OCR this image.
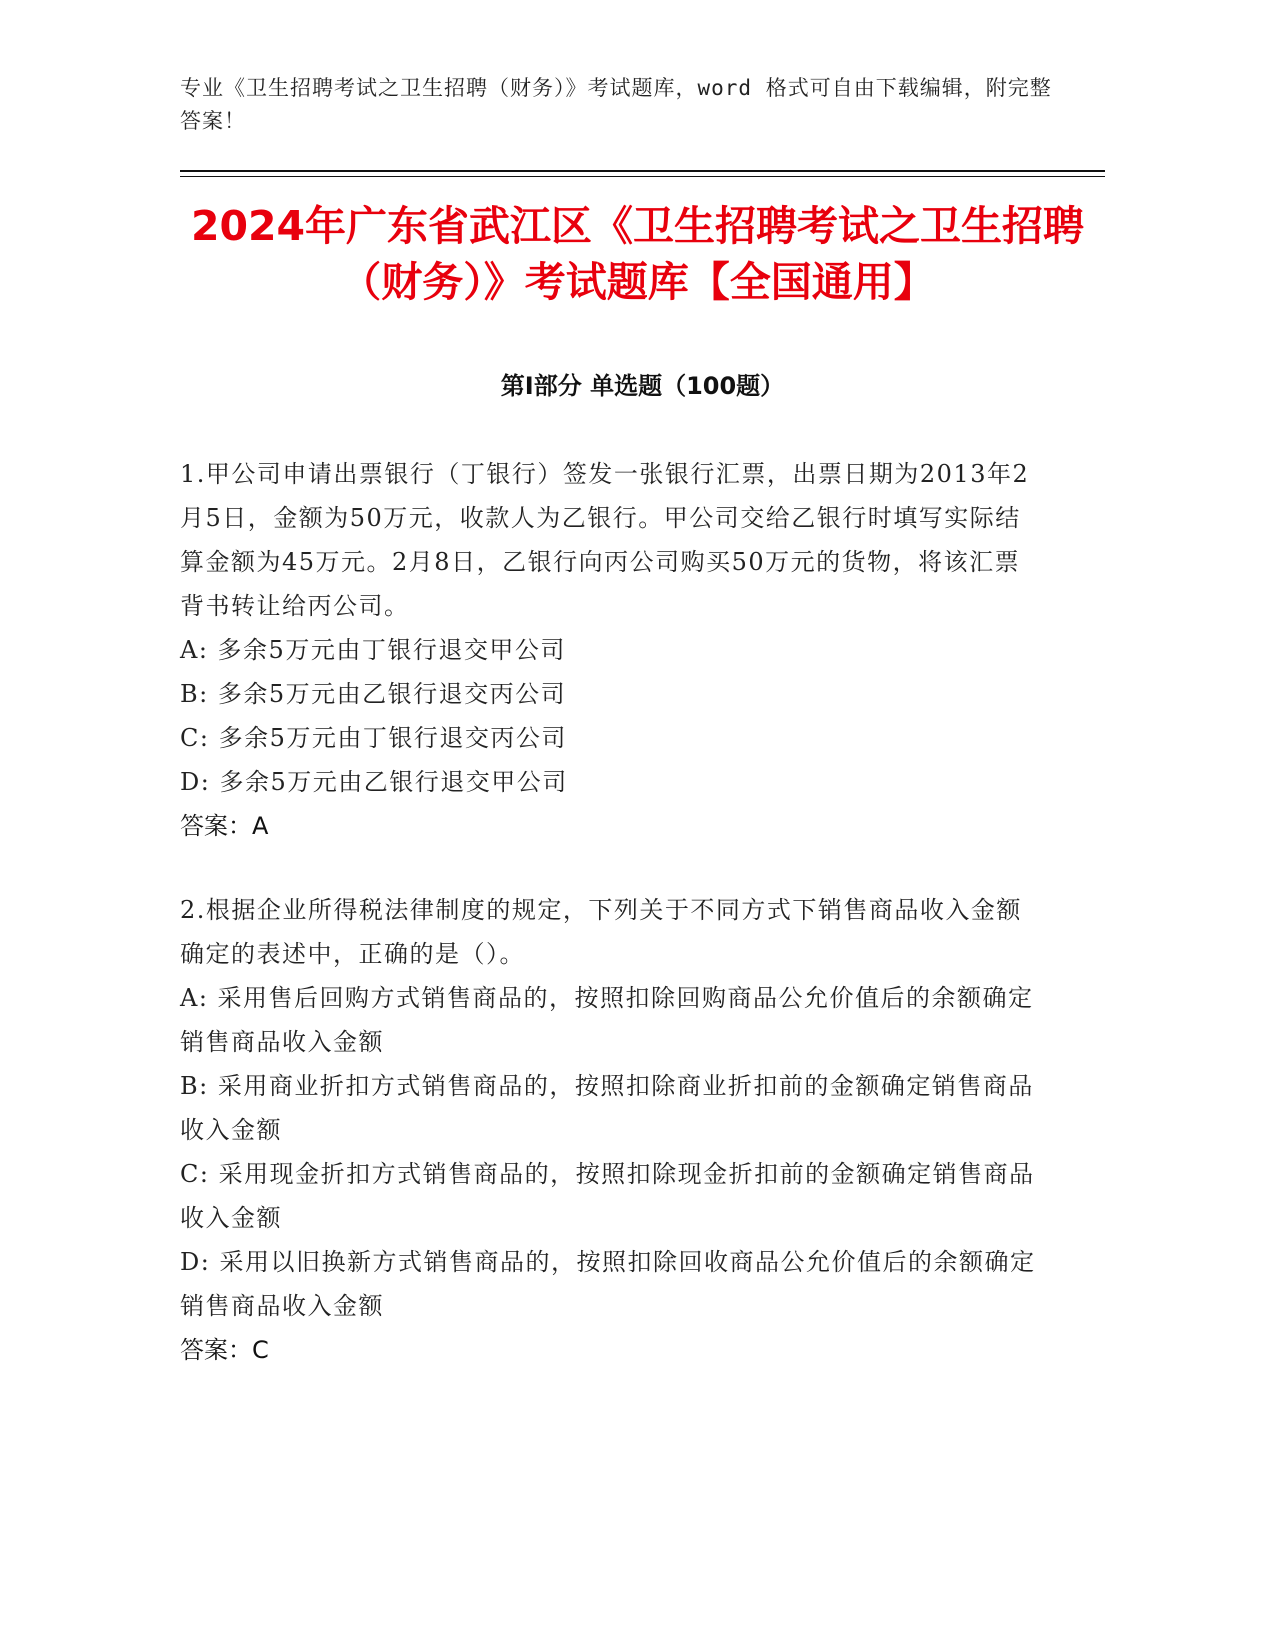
专业《卫生招聘考试之卫生招聘（财务）》考试题库，word 格式可自由下载编辑，附完整答案！
2024年广东省武江区《卫生招聘考试之卫生招聘（财务）》考试题库【全国通用】
第Ⅰ部分 单选题（100题）

1.甲公司申请出票银行（丁银行）签发一张银行汇票，出票日期为2013年2月5日，金额为50万元，收款人为乙银行。甲公司交给乙银行时填写实际结算金额为45万元。2月8日，乙银行向丙公司购买50万元的货物，将该汇票背书转让给丙公司。

A: 多余5万元由丁银行退交甲公司

B: 多余5万元由乙银行退交丙公司

C: 多余5万元由丁银行退交丙公司

D: 多余5万元由乙银行退交甲公司

答案：A

2.根据企业所得税法律制度的规定，下列关于不同方式下销售商品收入金额确定的表述中，正确的是（）。

A: 采用售后回购方式销售商品的，按照扣除回购商品公允价值后的余额确定销售商品收入金额

B: 采用商业折扣方式销售商品的，按照扣除商业折扣前的金额确定销售商品收入金额

C: 采用现金折扣方式销售商品的，按照扣除现金折扣前的金额确定销售商品收入金额

D: 采用以旧换新方式销售商品的，按照扣除回收商品公允价值后的余额确定销售商品收入金额

答案：C
